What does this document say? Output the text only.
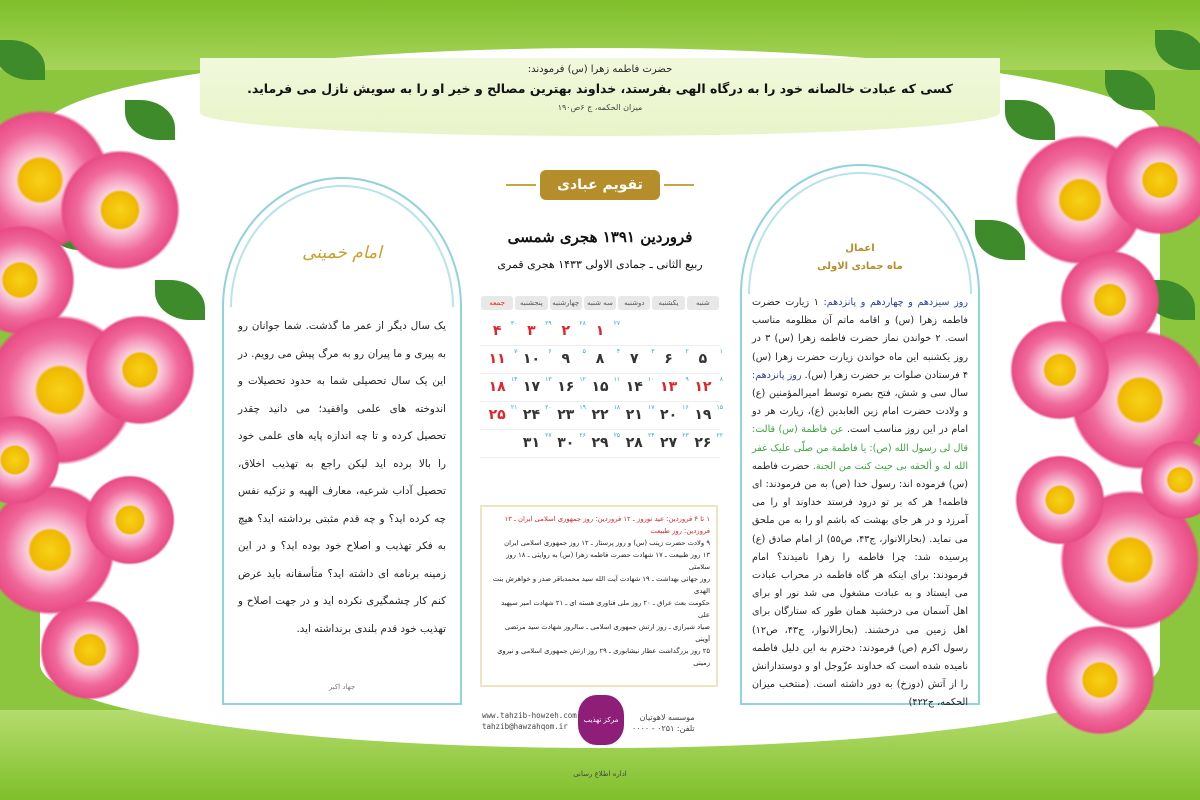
حضرت فاطمه زهرا (س) فرمودند:
کسی که عبادت خالصانه خود را به درگاه الهی بفرستد، خداوند بهترین مصالح و خیر او را به سویش نازل می فرماید.
میزان الحکمه، ج ۶ص۱۹۰
امام خمینی
یک سال دیگر از عمر ما گذشت. شما جوانان رو به پیری و ما پیران رو به مرگ پیش می رویم. در این یک سال تحصیلی شما به حدود تحصیلات و اندوخته های علمی واقفید؛ می دانید چقدر تحصیل کرده و تا چه اندازه پایه های علمی خود را بالا برده اید لیکن راجع به تهذیب اخلاق، تحصیل آداب شرعیه، معارف الهیه و تزکیه نفس چه کرده اید؟ و چه قدم مثبتی برداشته اید؟ هیچ به فکر تهذیب و اصلاح خود بوده اید؟ و در این زمینه برنامه ای داشته اید؟ متأسفانه باید عرض کنم کار چشمگیری نکرده اید و در جهت اصلاح و تهذیب خود قدم بلندی برنداشته اید.
جهاد اکبر
اعمال
ماه جمادی الاولی
روز سیزدهم و چهاردهم و پانزدهم: ۱ زیارت حضرت فاطمه زهرا (س) و اقامه ماتم آن مظلومه مناسب است. ۲ خواندن نماز حضرت فاطمه زهرا (س) ۳ در روز یکشنبه این ماه خواندن زیارت حضرت زهرا (س) ۴ فرستادن صلوات بر حضرت زهرا (س). روز پانزدهم: سال سی و شش، فتح بصره توسط امیرالمؤمنین (ع) و ولادت حضرت امام زین العابدین (ع)، زیارت هر دو امام در این روز مناسب است. عن فاطمة (س) قالت: قال لی رسول الله (ص): یا فاطمة من صلّی علیک غفر الله له و ألحقه بی حیث کنت من الجنة. حضرت فاطمه (س) فرموده اند: رسول خدا (ص) به من فرمودند: ای فاطمه! هر که بر تو درود فرستد خداوند او را می آمرزد و در هر جای بهشت که باشم او را به من ملحق می نماید. (بحارالانوار، ج۴۳، ص۵۵) از امام صادق (ع) پرسیده شد: چرا فاطمه را زهرا نامیدند؟ امام فرمودند: برای اینکه هر گاه فاطمه در محراب عبادت می ایستاد و به عبادت مشغول می شد نور او برای اهل آسمان می درخشید همان طور که ستارگان برای اهل زمین می درخشند. (بحارالانوار، ج۴۳، ص۱۲) رسول اکرم (ص) فرمودند: دخترم به این دلیل فاطمه نامیده شده است که خداوند عزّوجل او و دوستدارانش را از آتش (دوزخ) به دور داشته است. (منتخب میزان الحکمه، ج۴۲۲)
تقویم عبادی
فروردین ۱۳۹۱ هجری شمسی
ربیع الثانی ـ جمادی الاولی ۱۴۳۳ هجری قمری
شنبه
یکشنبه
دوشنبه
سه شنبه
چهارشنبه
پنجشنبه
جمعه
۱ ۲۷
۲ ۲۸
۳ ۲۹
۴ ۳۰
۵ ۱
۶ ۲
۷ ۳
۸ ۴
۹ ۵
۱۰ ۶
۱۱ ۷
۱۲ ۸
۱۳ ۹
۱۴ ۱۰
۱۵ ۱۱
۱۶ ۱۲
۱۷ ۱۳
۱۸ ۱۴
۱۹ ۱۵
۲۰ ۱۶
۲۱ ۱۷
۲۲ ۱۸
۲۳ ۱۹
۲۴ ۲۰
۲۵ ۲۱
۲۶ ۲۲
۲۷ ۲۳
۲۸ ۲۴
۲۹ ۲۵
۳۰ ۲۶
۳۱ ۲۷
۱ تا ۴ فروردین: عید نوروز ـ ۱۲ فروردین: روز جمهوری اسلامی ایران ـ ۱۳ فروردین: روز طبیعت
۹ ولادت حضرت زینب (س) و روز پرستار ـ ۱۲ روز جمهوری اسلامی ایران
۱۳ روز طبیعت ـ ۱۷ شهادت حضرت فاطمه زهرا (س) به روایتی ـ ۱۸ روز سلامتی
روز جهانی بهداشت ـ ۱۹ شهادت آیت الله سید محمدباقر صدر و خواهرش بنت الهدی
حکومت بعث عراق ـ ۲۰ روز ملی فناوری هسته ای ـ ۲۱ شهادت امیر سپهبد علی
صیاد شیرازی ـ روز ارتش جمهوری اسلامی ـ سالروز شهادت سید مرتضی آوینی
۲۵ روز بزرگداشت عطار نیشابوری ـ ۲۹ روز ارتش جمهوری اسلامی و نیروی زمینی
www.tahzib-howzeh.com
tahzib@hawzahqom.ir
مرکز تهذیب	موسسه لاهوتیان
تلفن: ۰۲۵۱ - ۰۰۰۰
اداره اطلاع رسانی
